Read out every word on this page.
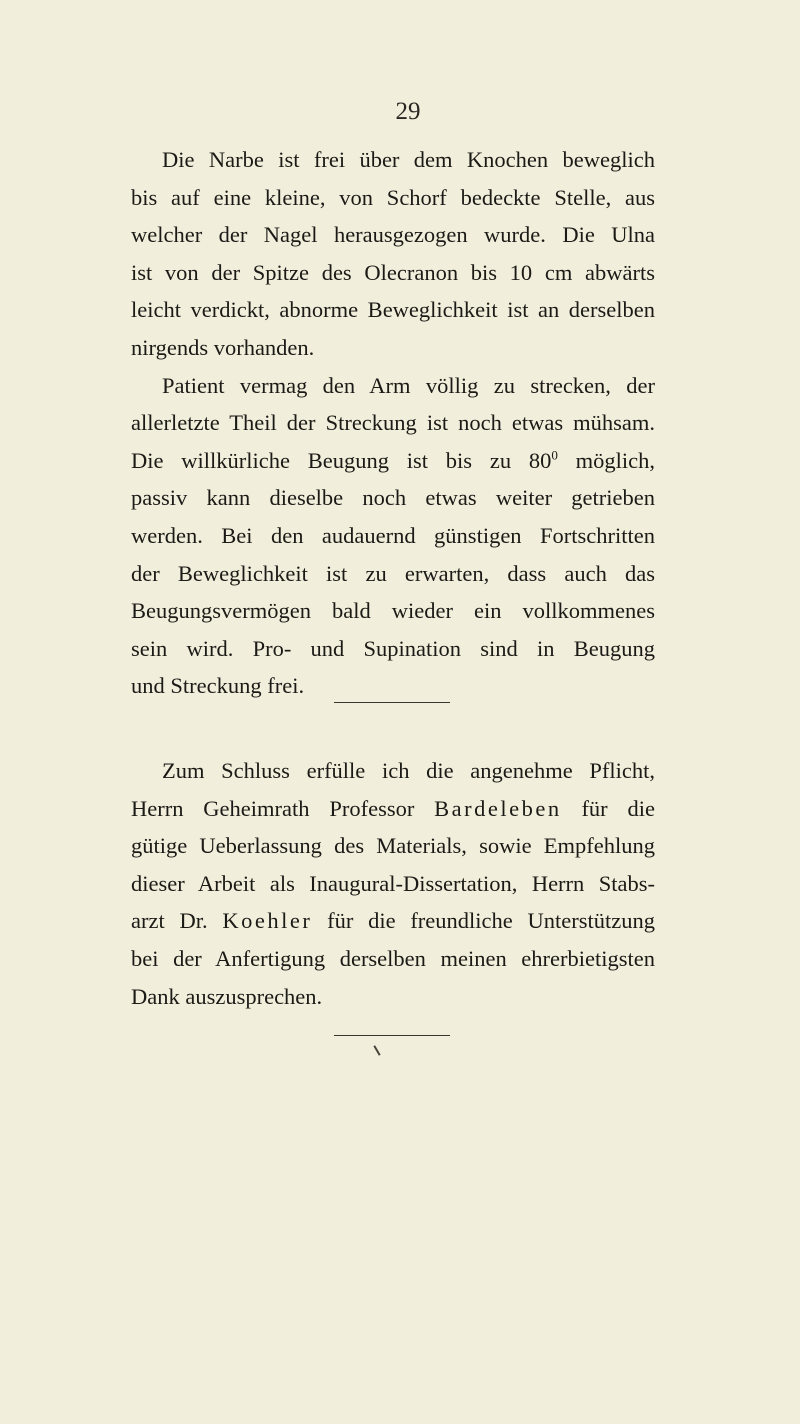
29
Die Narbe ist frei über dem Knochen beweglich
bis auf eine kleine, von Schorf bedeckte Stelle, aus
welcher der Nagel herausgezogen wurde. Die Ulna
ist von der Spitze des Olecranon bis 10 cm abwärts
leicht verdickt, abnorme Beweglichkeit ist an derselben
nirgends vorhanden.
Patient vermag den Arm völlig zu strecken, der
allerletzte Theil der Streckung ist noch etwas mühsam.
Die willkürliche Beugung ist bis zu $80^0$ möglich,
passiv kann dieselbe noch etwas weiter getrieben
werden. Bei den audauernd günstigen Fortschritten
der Beweglichkeit ist zu erwarten, dass auch das
Beugungsvermögen bald wieder ein vollkommenes
sein wird. Pro- und Supination sind in Beugung
und Streckung frei.
Zum Schluss erfülle ich die angenehme Pflicht,
Herrn Geheimrath Professor Bardeleben für die
gütige Ueberlassung des Materials, sowie Empfehlung
dieser Arbeit als Inaugural-Dissertation, Herrn Stabs-
arzt Dr. Koehler für die freundliche Unterstützung
bei der Anfertigung derselben meinen ehrerbietigsten
Dank auszusprechen.
